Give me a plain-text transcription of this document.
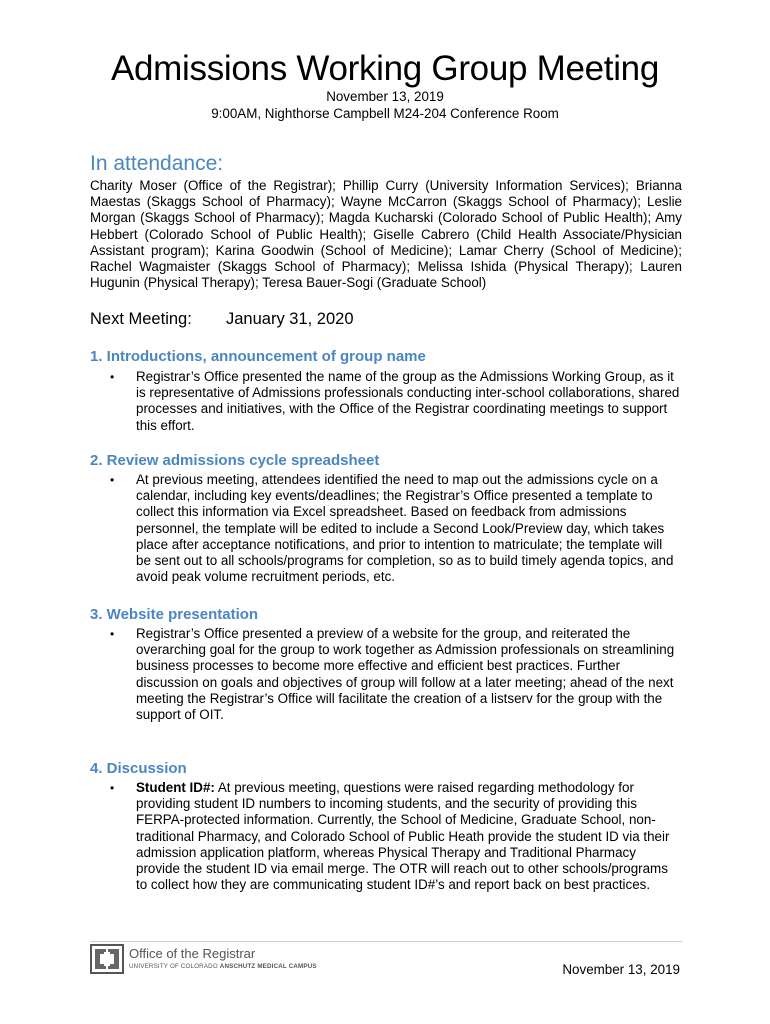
Admissions Working Group Meeting
November 13, 2019
9:00AM, Nighthorse Campbell M24-204 Conference Room
In attendance:

Charity Moser (Office of the Registrar); Phillip Curry (University Information Services); Brianna Maestas (Skaggs School of Pharmacy); Wayne McCarron (Skaggs School of Pharmacy); Leslie Morgan (Skaggs School of Pharmacy); Magda Kucharski (Colorado School of Public Health); Amy Hebbert (Colorado School of Public Health); Giselle Cabrero (Child Health Associate/Physician Assistant program); Karina Goodwin (School of Medicine); Lamar Cherry (School of Medicine); Rachel Wagmaister (Skaggs School of Pharmacy); Melissa Ishida (Physical Therapy); Lauren Hugunin (Physical Therapy); Teresa Bauer-Sogi (Graduate School)

Next Meeting: January 31, 2020
1. Introductions, announcement of group name
•	Registrar’s Office presented the name of the group as the Admissions Working Group, as it is representative of Admissions professionals conducting inter-school collaborations, shared processes and initiatives, with the Office of the Registrar coordinating meetings to support this effort.
2. Review admissions cycle spreadsheet
•	At previous meeting, attendees identified the need to map out the admissions cycle on a calendar, including key events/deadlines; the Registrar’s Office presented a template to collect this information via Excel spreadsheet. Based on feedback from admissions personnel, the template will be edited to include a Second Look/Preview day, which takes place after acceptance notifications, and prior to intention to matriculate; the template will be sent out to all schools/programs for completion, so as to build timely agenda topics, and avoid peak volume recruitment periods, etc.
3. Website presentation
•	Registrar’s Office presented a preview of a website for the group, and reiterated the overarching goal for the group to work together as Admission professionals on streamlining business processes to become more effective and efficient best practices. Further discussion on goals and objectives of group will follow at a later meeting; ahead of the next meeting the Registrar’s Office will facilitate the creation of a listserv for the group with the support of OIT.
4. Discussion
•	Student ID#: At previous meeting, questions were raised regarding methodology for providing student ID numbers to incoming students, and the security of providing this FERPA-protected information. Currently, the School of Medicine, Graduate School, non-traditional Pharmacy, and Colorado School of Public Heath provide the student ID via their admission application platform, whereas Physical Therapy and Traditional Pharmacy provide the student ID via email merge. The OTR will reach out to other schools/programs to collect how they are communicating student ID#’s and report back on best practices.
Office of the Registrar
UNIVERSITY OF COLORADO ANSCHUTZ MEDICAL CAMPUS	November 13, 2019
